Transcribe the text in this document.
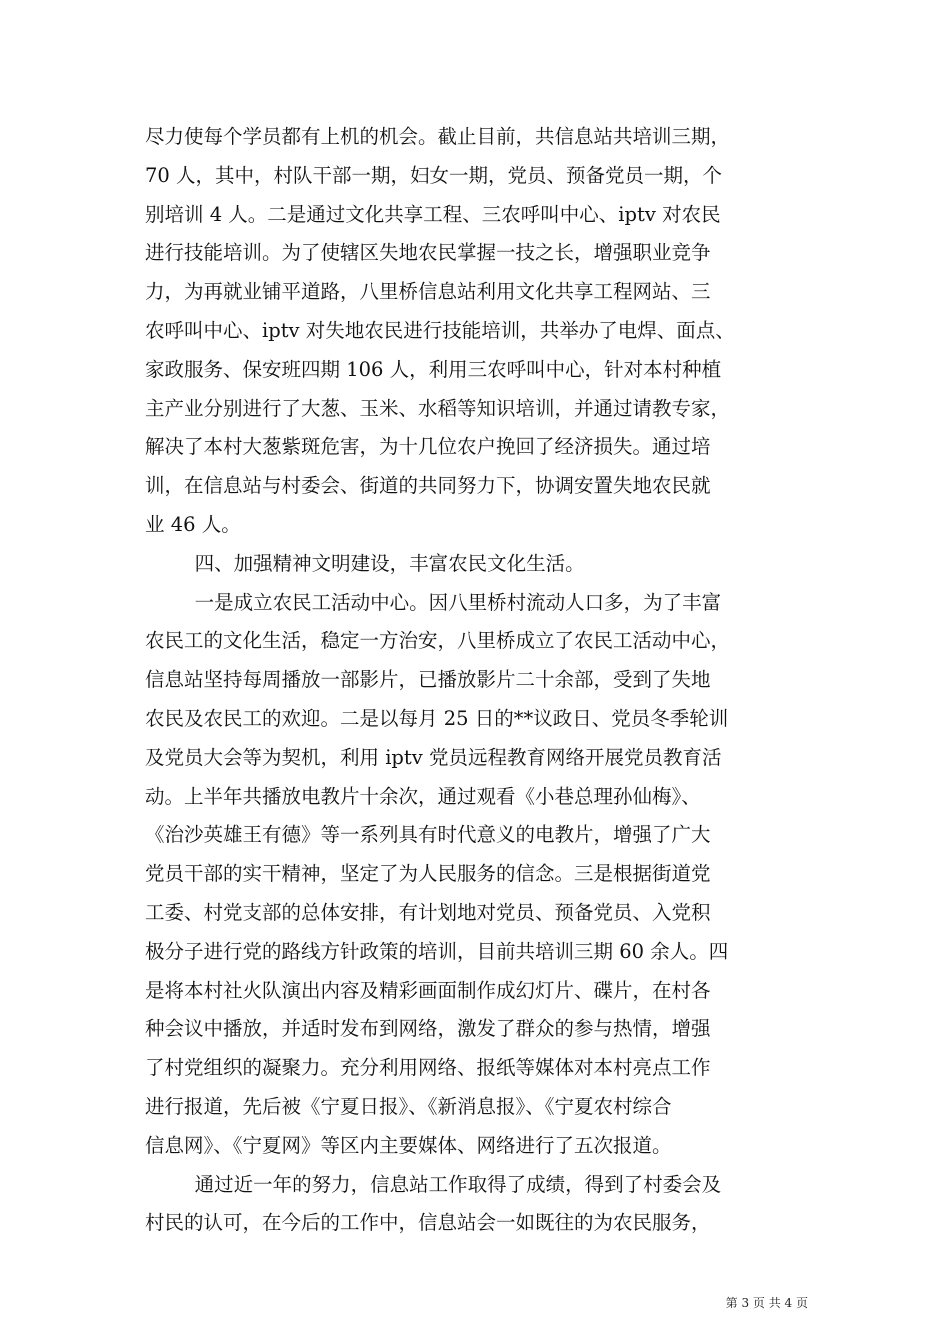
尽力使每个学员都有上机的机会。截止目前，共信息站共培训三期，
70 人，其中，村队干部一期，妇女一期，党员、预备党员一期，个
别培训 4 人。二是通过文化共享工程、三农呼叫中心、iptv 对农民
进行技能培训。为了使辖区失地农民掌握一技之长，增强职业竞争
力，为再就业铺平道路，八里桥信息站利用文化共享工程网站、三
农呼叫中心、iptv 对失地农民进行技能培训，共举办了电焊、面点、
家政服务、保安班四期 106 人，利用三农呼叫中心，针对本村种植
主产业分别进行了大葱、玉米、水稻等知识培训，并通过请教专家，
解决了本村大葱紫斑危害，为十几位农户挽回了经济损失。通过培
训，在信息站与村委会、街道的共同努力下，协调安置失地农民就
业 46 人。
四、加强精神文明建设，丰富农民文化生活。
一是成立农民工活动中心。因八里桥村流动人口多，为了丰富
农民工的文化生活，稳定一方治安，八里桥成立了农民工活动中心，
信息站坚持每周播放一部影片，已播放影片二十余部，受到了失地
农民及农民工的欢迎。二是以每月 25 日的**议政日、党员冬季轮训
及党员大会等为契机，利用 iptv 党员远程教育网络开展党员教育活
动。上半年共播放电教片十余次，通过观看《小巷总理孙仙梅》、
《治沙英雄王有德》等一系列具有时代意义的电教片，增强了广大
党员干部的实干精神，坚定了为人民服务的信念。三是根据街道党
工委、村党支部的总体安排，有计划地对党员、预备党员、入党积
极分子进行党的路线方针政策的培训，目前共培训三期 60 余人。四
是将本村社火队演出内容及精彩画面制作成幻灯片、碟片，在村各
种会议中播放，并适时发布到网络，激发了群众的参与热情，增强
了村党组织的凝聚力。充分利用网络、报纸等媒体对本村亮点工作
进行报道，先后被《宁夏日报》、《新消息报》、《宁夏农村综合
信息网》、《宁夏网》等区内主要媒体、网络进行了五次报道。
通过近一年的努力，信息站工作取得了成绩，得到了村委会及
村民的认可，在今后的工作中，信息站会一如既往的为农民服务，
第 3 页 共 4 页
